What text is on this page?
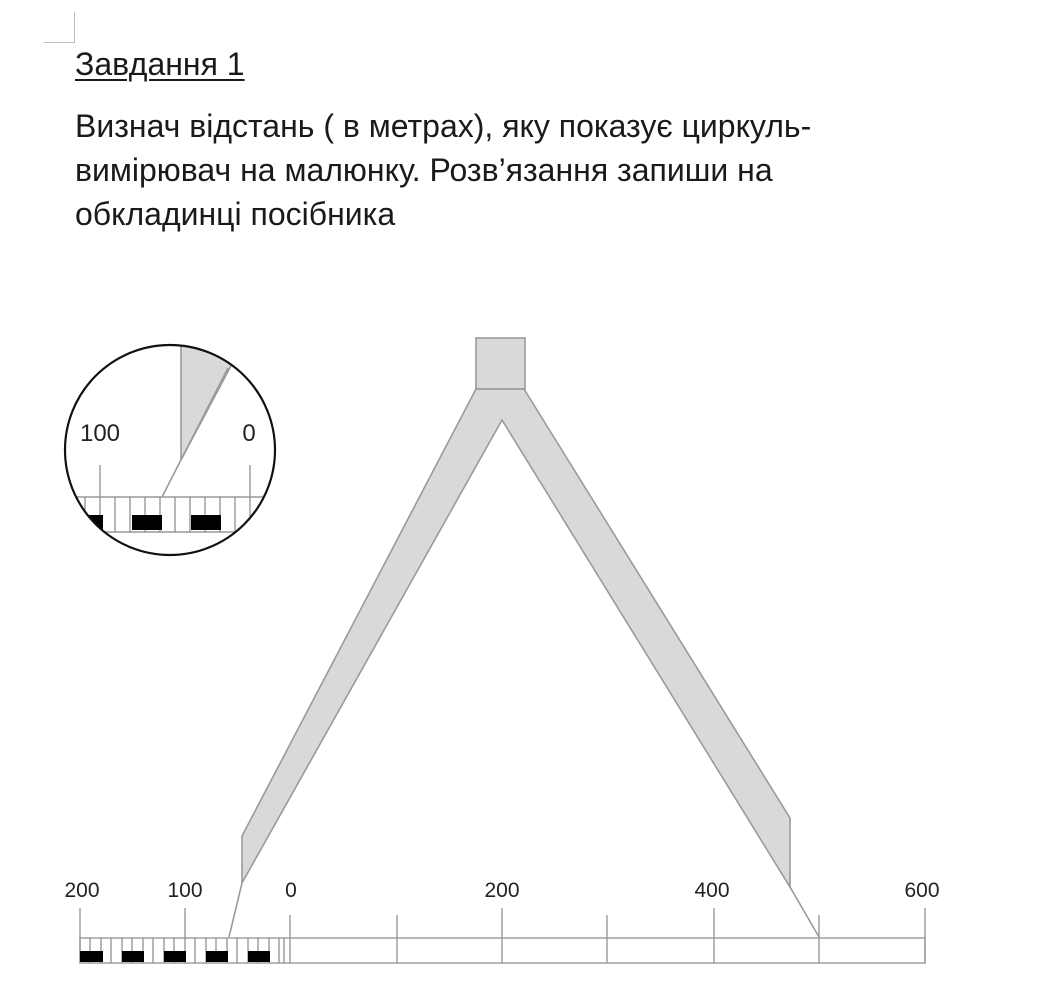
Завдання 1

Визнач відстань ( в метрах), яку показує циркуль-
вимірювач на малюнку. Розв’язання запиши на
обкладинці посібника

200	100	0	200	400	600
100	0
